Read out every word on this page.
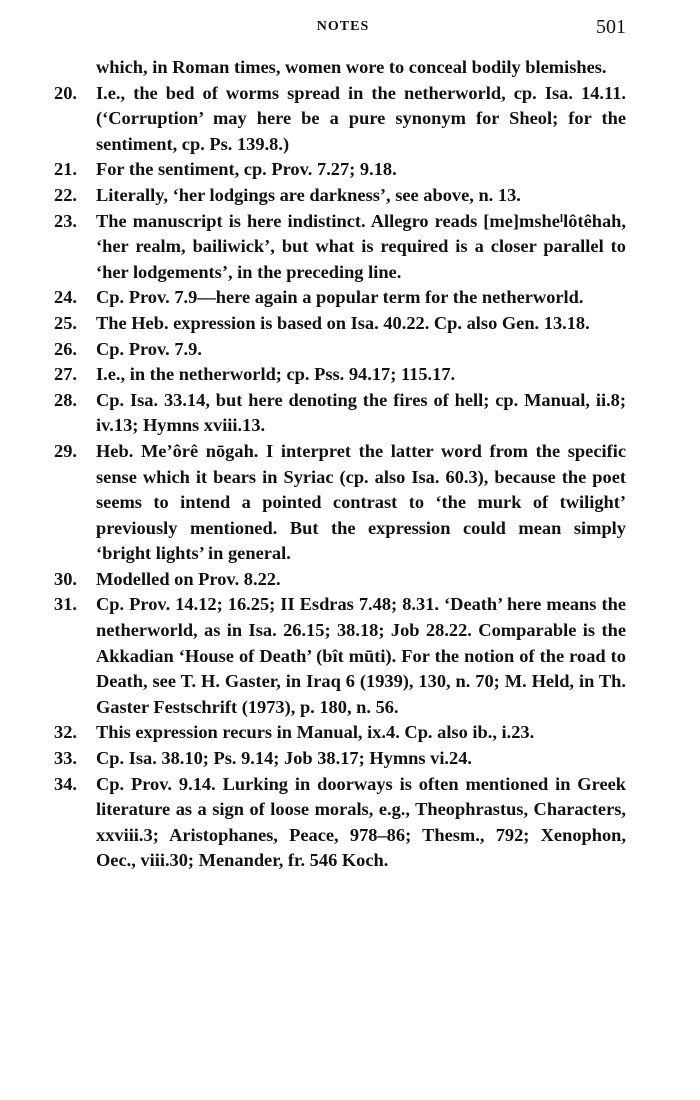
NOTES	501
which, in Roman times, women wore to conceal bodily blemishes.
20.	I.e., the bed of worms spread in the netherworld, cp. Isa. 14.11. (‘Corruption’ may here be a pure synonym for Sheol; for the sentiment, cp. Ps. 139.8.)
21.	For the sentiment, cp. Prov. 7.27; 9.18.
22.	Literally, ‘her lodgings are darkness’, see above, n. 13.
23.	The manuscript is here indistinct. Allegro reads [me]msheˡlôtêhah, ‘her realm, bailiwick’, but what is required is a closer parallel to ‘her lodgements’, in the preceding line.
24.	Cp. Prov. 7.9—here again a popular term for the netherworld.
25.	The Heb. expression is based on Isa. 40.22. Cp. also Gen. 13.18.
26.	Cp. Prov. 7.9.
27.	I.e., in the netherworld; cp. Pss. 94.17; 115.17.
28.	Cp. Isa. 33.14, but here denoting the fires of hell; cp. Manual, ii.8; iv.13; Hymns xviii.13.
29.	Heb. Meʼôrê nōgah. I interpret the latter word from the specific sense which it bears in Syriac (cp. also Isa. 60.3), because the poet seems to intend a pointed contrast to ‘the murk of twilight’ previously mentioned. But the expression could mean simply ‘bright lights’ in general.
30.	Modelled on Prov. 8.22.
31.	Cp. Prov. 14.12; 16.25; II Esdras 7.48; 8.31. ‘Death’ here means the netherworld, as in Isa. 26.15; 38.18; Job 28.22. Comparable is the Akkadian ‘House of Death’ (bît mūti). For the notion of the road to Death, see T. H. Gaster, in Iraq 6 (1939), 130, n. 70; M. Held, in Th. Gaster Festschrift (1973), p. 180, n. 56.
32.	This expression recurs in Manual, ix.4. Cp. also ib., i.23.
33.	Cp. Isa. 38.10; Ps. 9.14; Job 38.17; Hymns vi.24.
34.	Cp. Prov. 9.14. Lurking in doorways is often mentioned in Greek literature as a sign of loose morals, e.g., Theophrastus, Characters, xxviii.3; Aristophanes, Peace, 978–86; Thesm., 792; Xenophon, Oec., viii.30; Menander, fr. 546 Koch.
